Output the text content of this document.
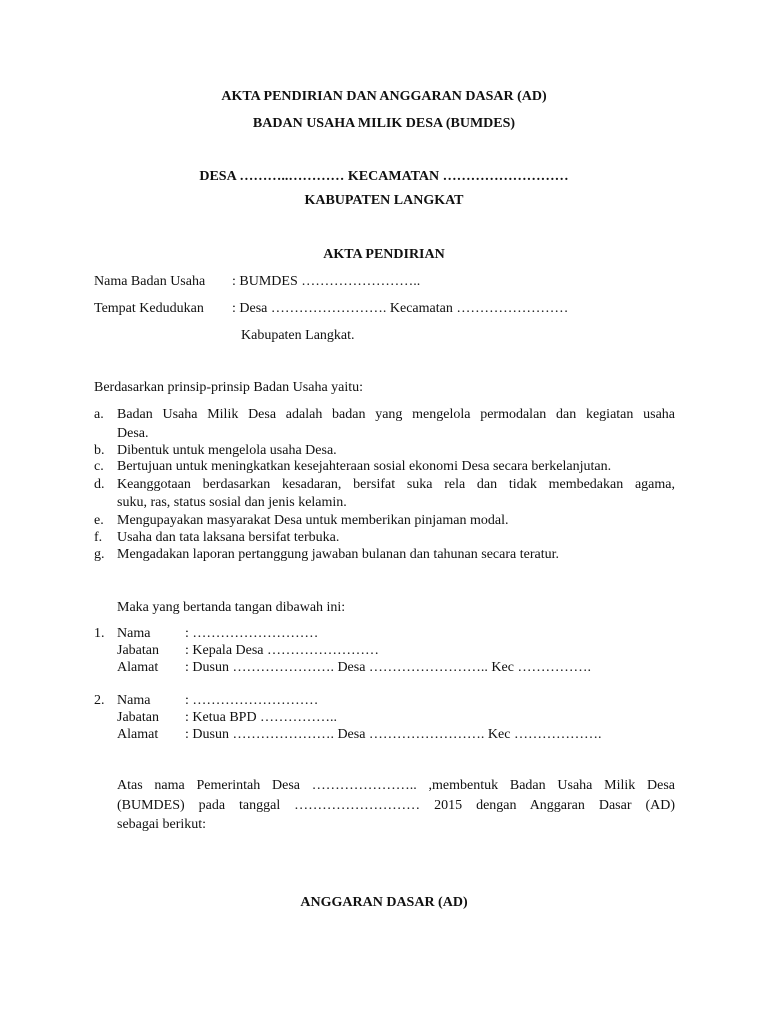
AKTA PENDIRIAN DAN ANGGARAN DASAR (AD)
BADAN USAHA MILIK DESA (BUMDES)
DESA ………..………… KECAMATAN ………………………
KABUPATEN LANGKAT
AKTA PENDIRIAN
Nama Badan Usaha : BUMDES ……………………..
Tempat Kedudukan : Desa ……………………. Kecamatan ……………………
Kabupaten Langkat.
Berdasarkan prinsip-prinsip Badan Usaha yaitu:
a. Badan Usaha Milik Desa adalah badan yang mengelola permodalan dan kegiatan usaha
Desa.
b. Dibentuk untuk mengelola usaha Desa.
c. Bertujuan untuk meningkatkan kesejahteraan sosial ekonomi Desa secara berkelanjutan.
d. Keanggotaan berdasarkan kesadaran, bersifat suka rela dan tidak membedakan agama,
suku, ras, status sosial dan jenis kelamin.
e. Mengupayakan masyarakat Desa untuk memberikan pinjaman modal.
f. Usaha dan tata laksana bersifat terbuka.
g. Mengadakan laporan pertanggung jawaban bulanan dan tahunan secara teratur.
Maka yang bertanda tangan dibawah ini:
1. Nama : ………………………
Jabatan : Kepala Desa ……………………
Alamat : Dusun …………………. Desa …………………….. Kec …………….
2. Nama : ………………………
Jabatan : Ketua BPD ……………..
Alamat : Dusun …………………. Desa ……………………. Kec ……………….
Atas nama Pemerintah Desa ………………….. ,membentuk Badan Usaha Milik Desa
(BUMDES) pada tanggal ……………………… 2015 dengan Anggaran Dasar (AD)
sebagai berikut:
ANGGARAN DASAR (AD)
